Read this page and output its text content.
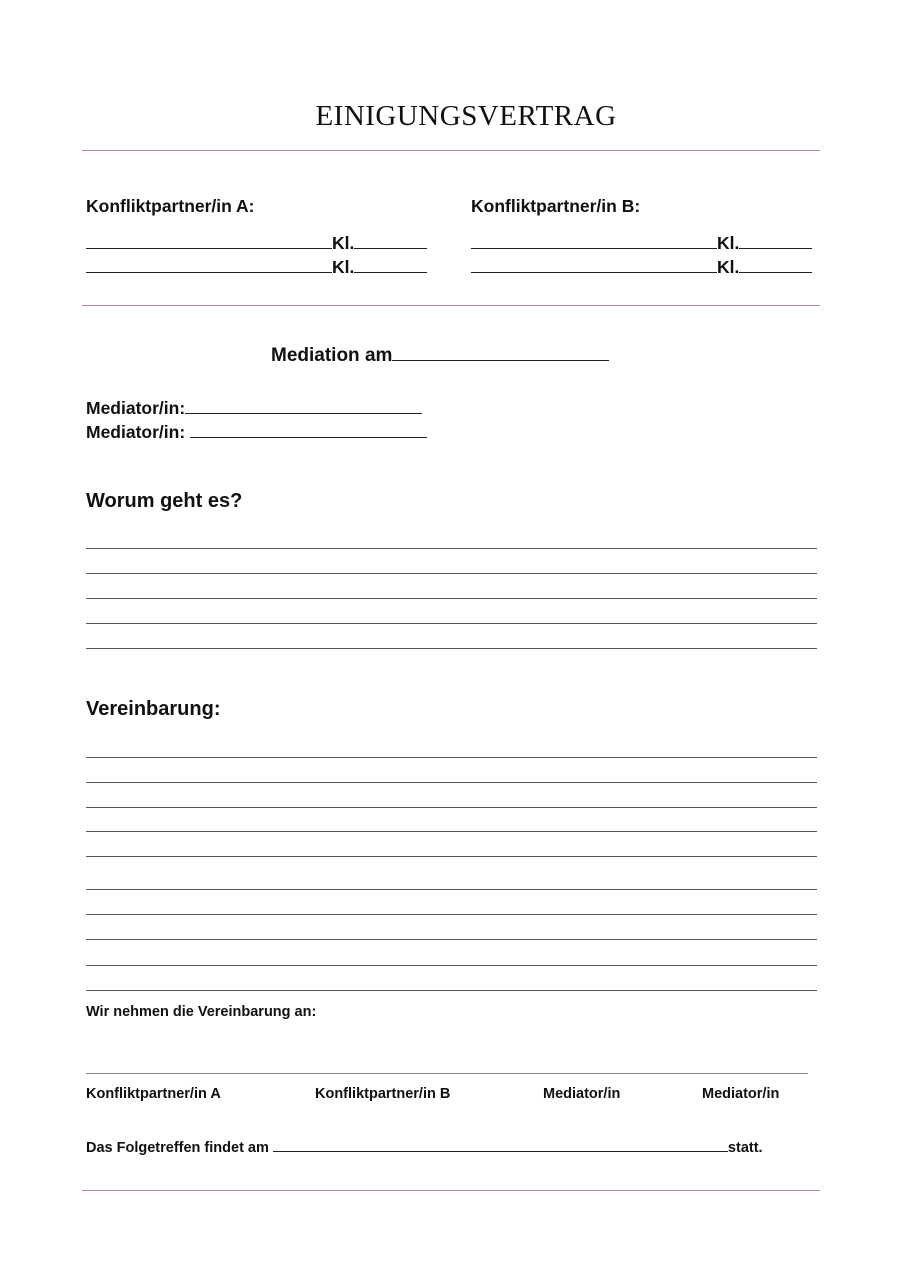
EINIGUNGSVERTRAG
Konfliktpartner/in A:
Kl.
Kl.
Konfliktpartner/in B:
Kl.
Kl.
Mediation am
Mediator/in:
Mediator/in:
Worum geht es?
Vereinbarung:
Wir nehmen die Vereinbarung an:
Konfliktpartner/in A	Konfliktpartner/in B	Mediator/in	Mediator/in
Das Folgetreffen findet am	statt.
